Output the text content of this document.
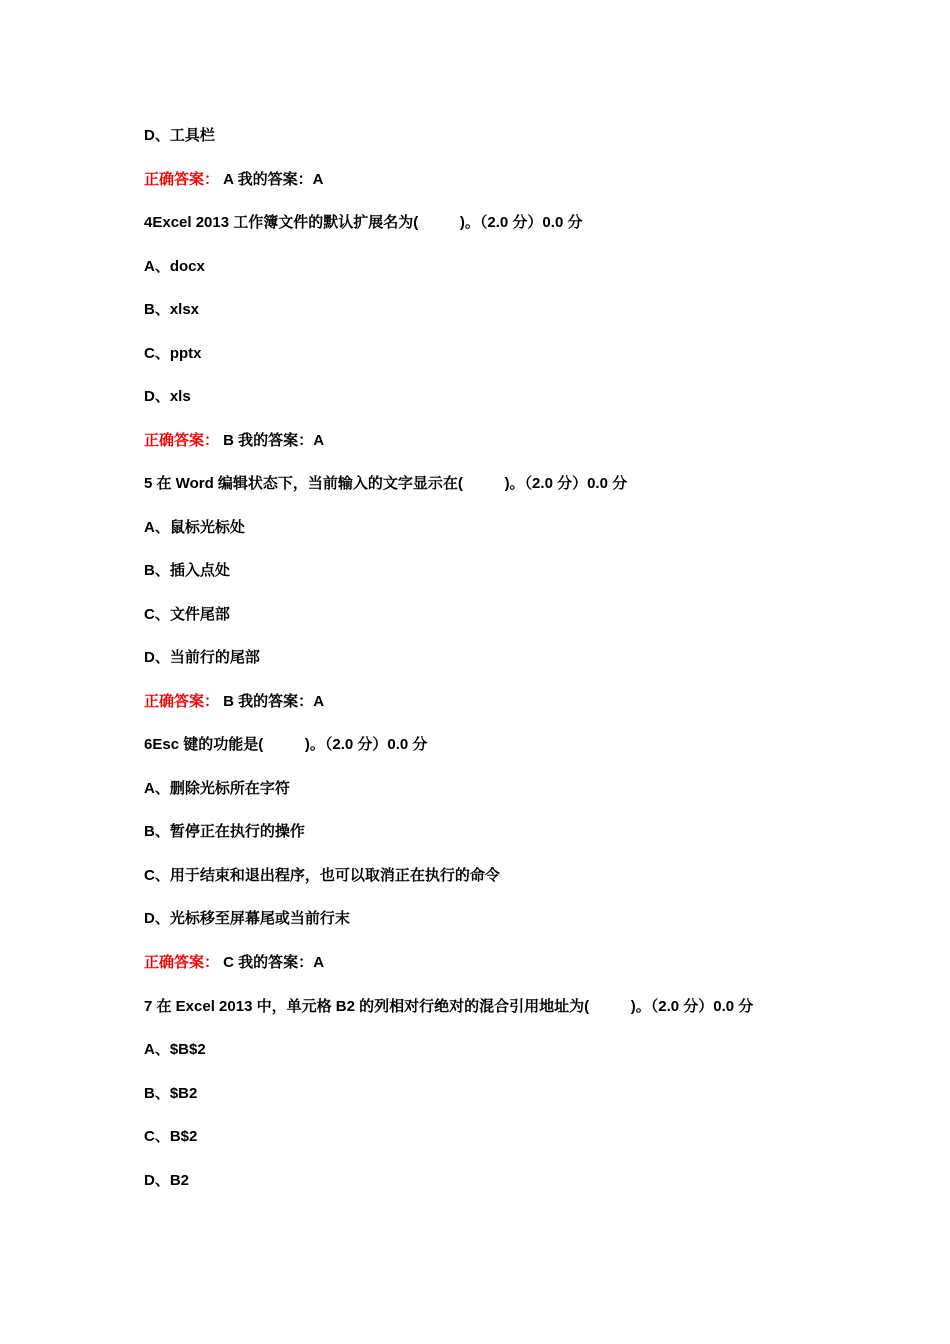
D、工具栏
正确答案： A 我的答案：A
4Excel 2013 工作簿文件的默认扩展名为(          )。（2.0 分）0.0 分
A、docx
B、xlsx
C、pptx
D、xls
正确答案： B 我的答案：A
5 在 Word 编辑状态下，当前输入的文字显示在(          )。（2.0 分）0.0 分
A、鼠标光标处
B、插入点处
C、文件尾部
D、当前行的尾部
正确答案： B 我的答案：A
6Esc 键的功能是(          )。（2.0 分）0.0 分
A、删除光标所在字符
B、暂停正在执行的操作
C、用于结束和退出程序，也可以取消正在执行的命令
D、光标移至屏幕尾或当前行末
正确答案： C 我的答案：A
7 在 Excel 2013 中，单元格 B2 的列相对行绝对的混合引用地址为(          )。（2.0 分）0.0 分
A、$B$2
B、$B2
C、B$2
D、B2
